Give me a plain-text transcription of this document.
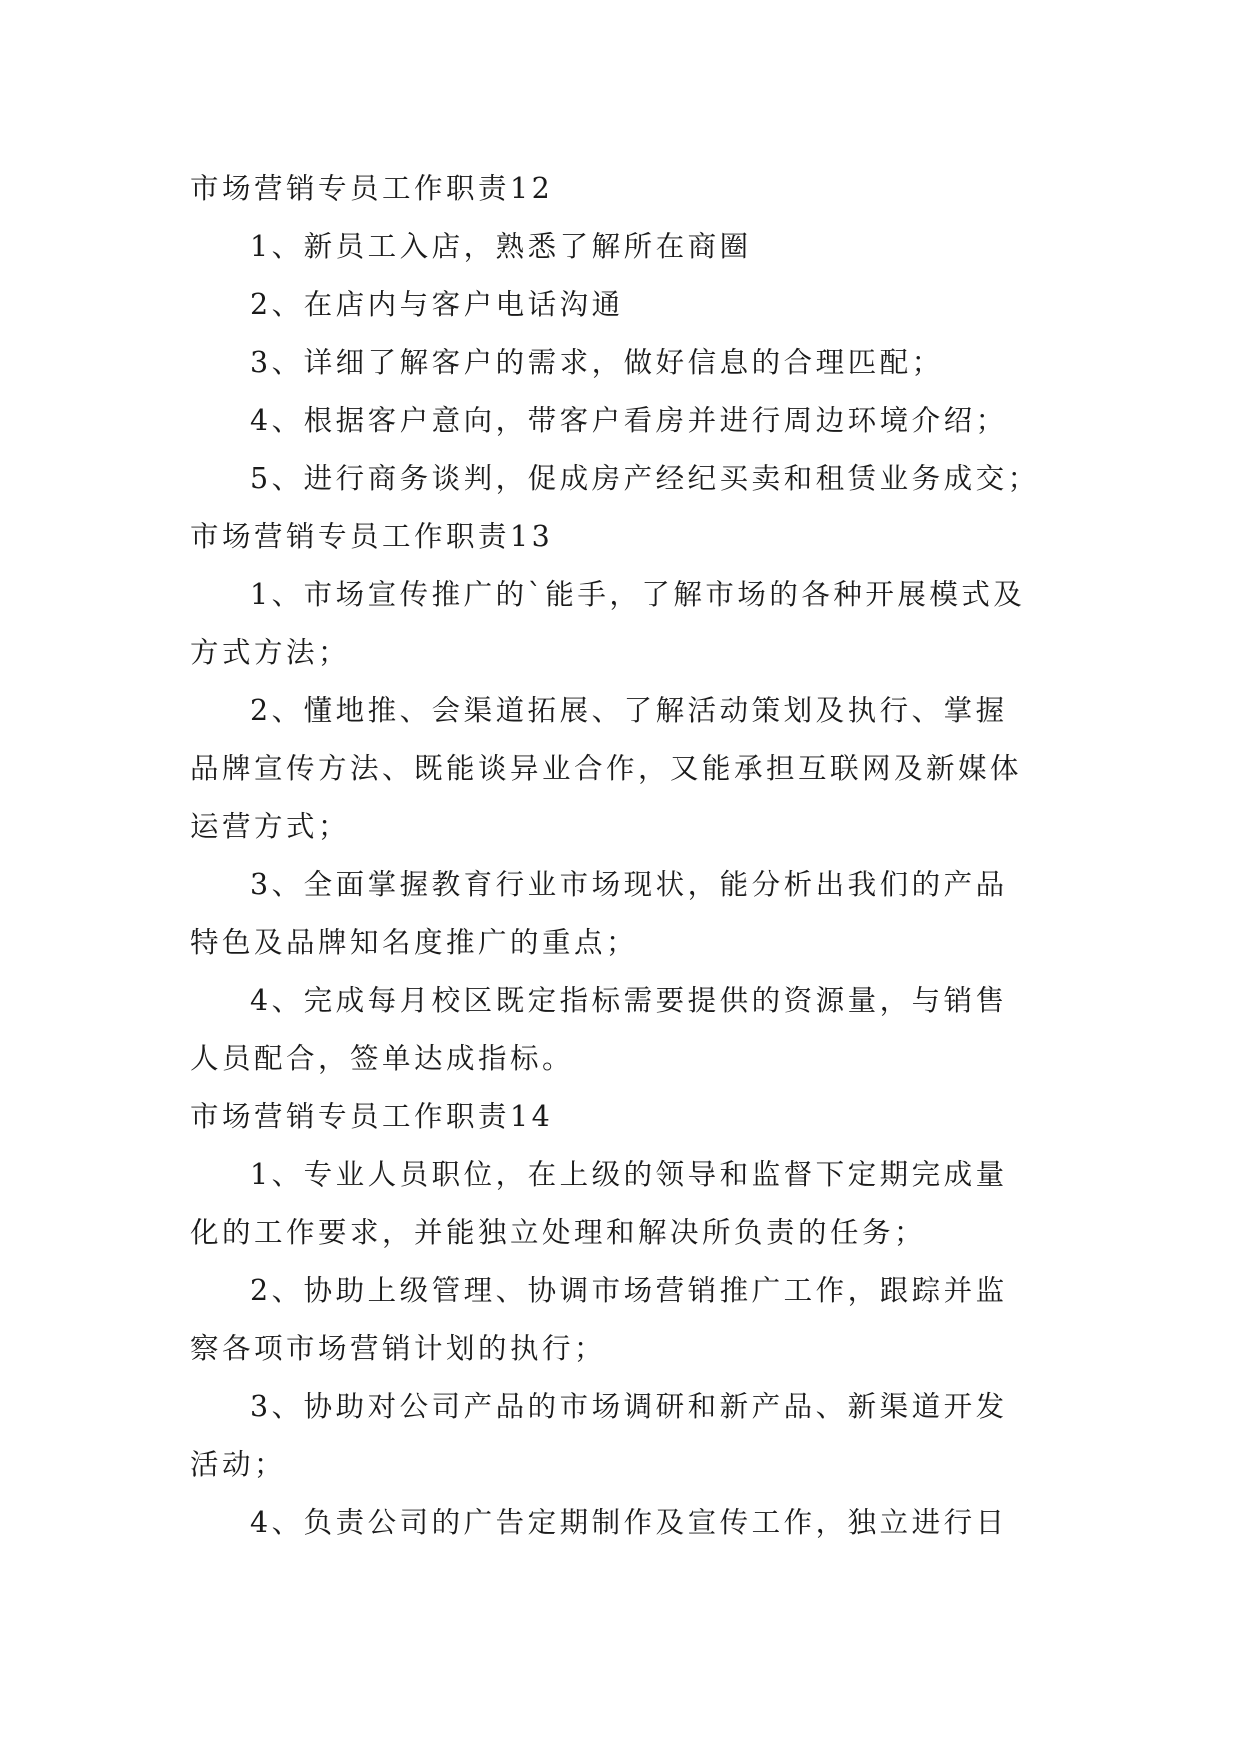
市场营销专员工作职责12
1、新员工入店，熟悉了解所在商圈
2、在店内与客户电话沟通
3、详细了解客户的需求，做好信息的合理匹配；
4、根据客户意向，带客户看房并进行周边环境介绍；
5、进行商务谈判，促成房产经纪买卖和租赁业务成交；
市场营销专员工作职责13
1、市场宣传推广的`能手，了解市场的各种开展模式及
方式方法；
2、懂地推、会渠道拓展、了解活动策划及执行、掌握
品牌宣传方法、既能谈异业合作，又能承担互联网及新媒体
运营方式；
3、全面掌握教育行业市场现状，能分析出我们的产品
特色及品牌知名度推广的重点；
4、完成每月校区既定指标需要提供的资源量，与销售
人员配合，签单达成指标。
市场营销专员工作职责14
1、专业人员职位，在上级的领导和监督下定期完成量
化的工作要求，并能独立处理和解决所负责的任务；
2、协助上级管理、协调市场营销推广工作，跟踪并监
察各项市场营销计划的执行；
3、协助对公司产品的市场调研和新产品、新渠道开发
活动；
4、负责公司的广告定期制作及宣传工作，独立进行日
